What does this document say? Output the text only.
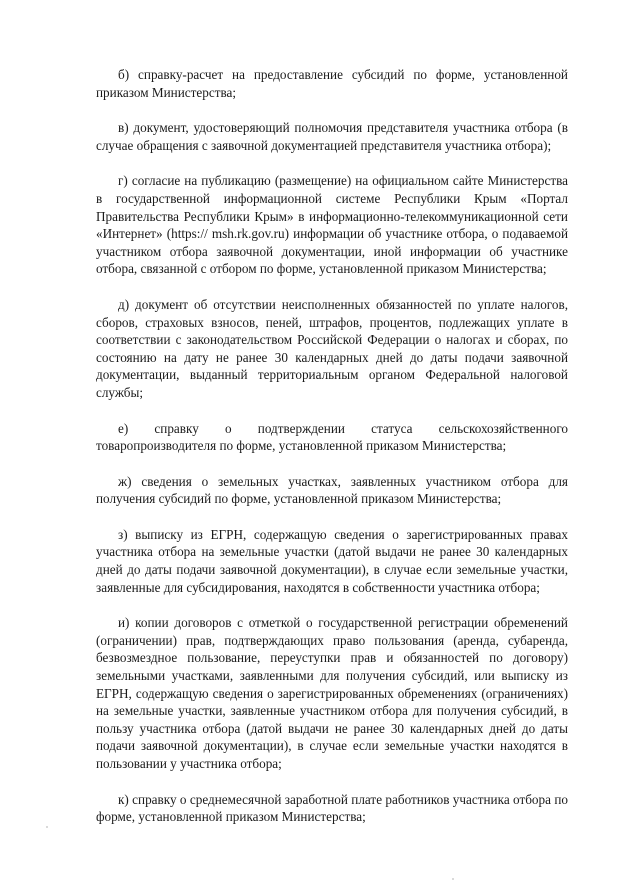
б) справку-расчет на предоставление субсидий по форме, установленной приказом Министерства;

в) документ, удостоверяющий полномочия представителя участника отбора (в случае обращения с заявочной документацией представителя участника отбора);

г) согласие на публикацию (размещение) на официальном сайте Министерства в государственной информационной системе Республики Крым «Портал Правительства Республики Крым» в информационно-телекоммуникационной сети «Интернет» (https:// msh.rk.gov.ru) информации об участнике отбора, о подаваемой участником отбора заявочной документации, иной информации об участнике отбора, связанной с отбором по форме, установленной приказом Министерства;

д) документ об отсутствии неисполненных обязанностей по уплате налогов, сборов, страховых взносов, пеней, штрафов, процентов, подлежащих уплате в соответствии с законодательством Российской Федерации о налогах и сборах, по состоянию на дату не ранее 30 календарных дней до даты подачи заявочной документации, выданный территориальным органом Федеральной налоговой службы;

е) справку о подтверждении статуса сельскохозяйственного товаропроизводителя по форме, установленной приказом Министерства;

ж) сведения о земельных участках, заявленных участником отбора для получения субсидий по форме, установленной приказом Министерства;

з) выписку из ЕГРН, содержащую сведения о зарегистрированных правах участника отбора на земельные участки (датой выдачи не ранее 30 календарных дней до даты подачи заявочной документации), в случае если земельные участки, заявленные для субсидирования, находятся в собственности участника отбора;

и) копии договоров с отметкой о государственной регистрации обременений (ограничении) прав, подтверждающих право пользования (аренда, субаренда, безвозмездное пользование, переуступки прав и обязанностей по договору) земельными участками, заявленными для получения субсидий, или выписку из ЕГРН, содержащую сведения о зарегистрированных обременениях (ограничениях) на земельные участки, заявленные участником отбора для получения субсидий, в пользу участника отбора (датой выдачи не ранее 30 календарных дней до даты подачи заявочной документации), в случае если земельные участки находятся в пользовании у участника отбора;

к) справку о среднемесячной заработной плате работников участника отбора по форме, установленной приказом Министерства;
